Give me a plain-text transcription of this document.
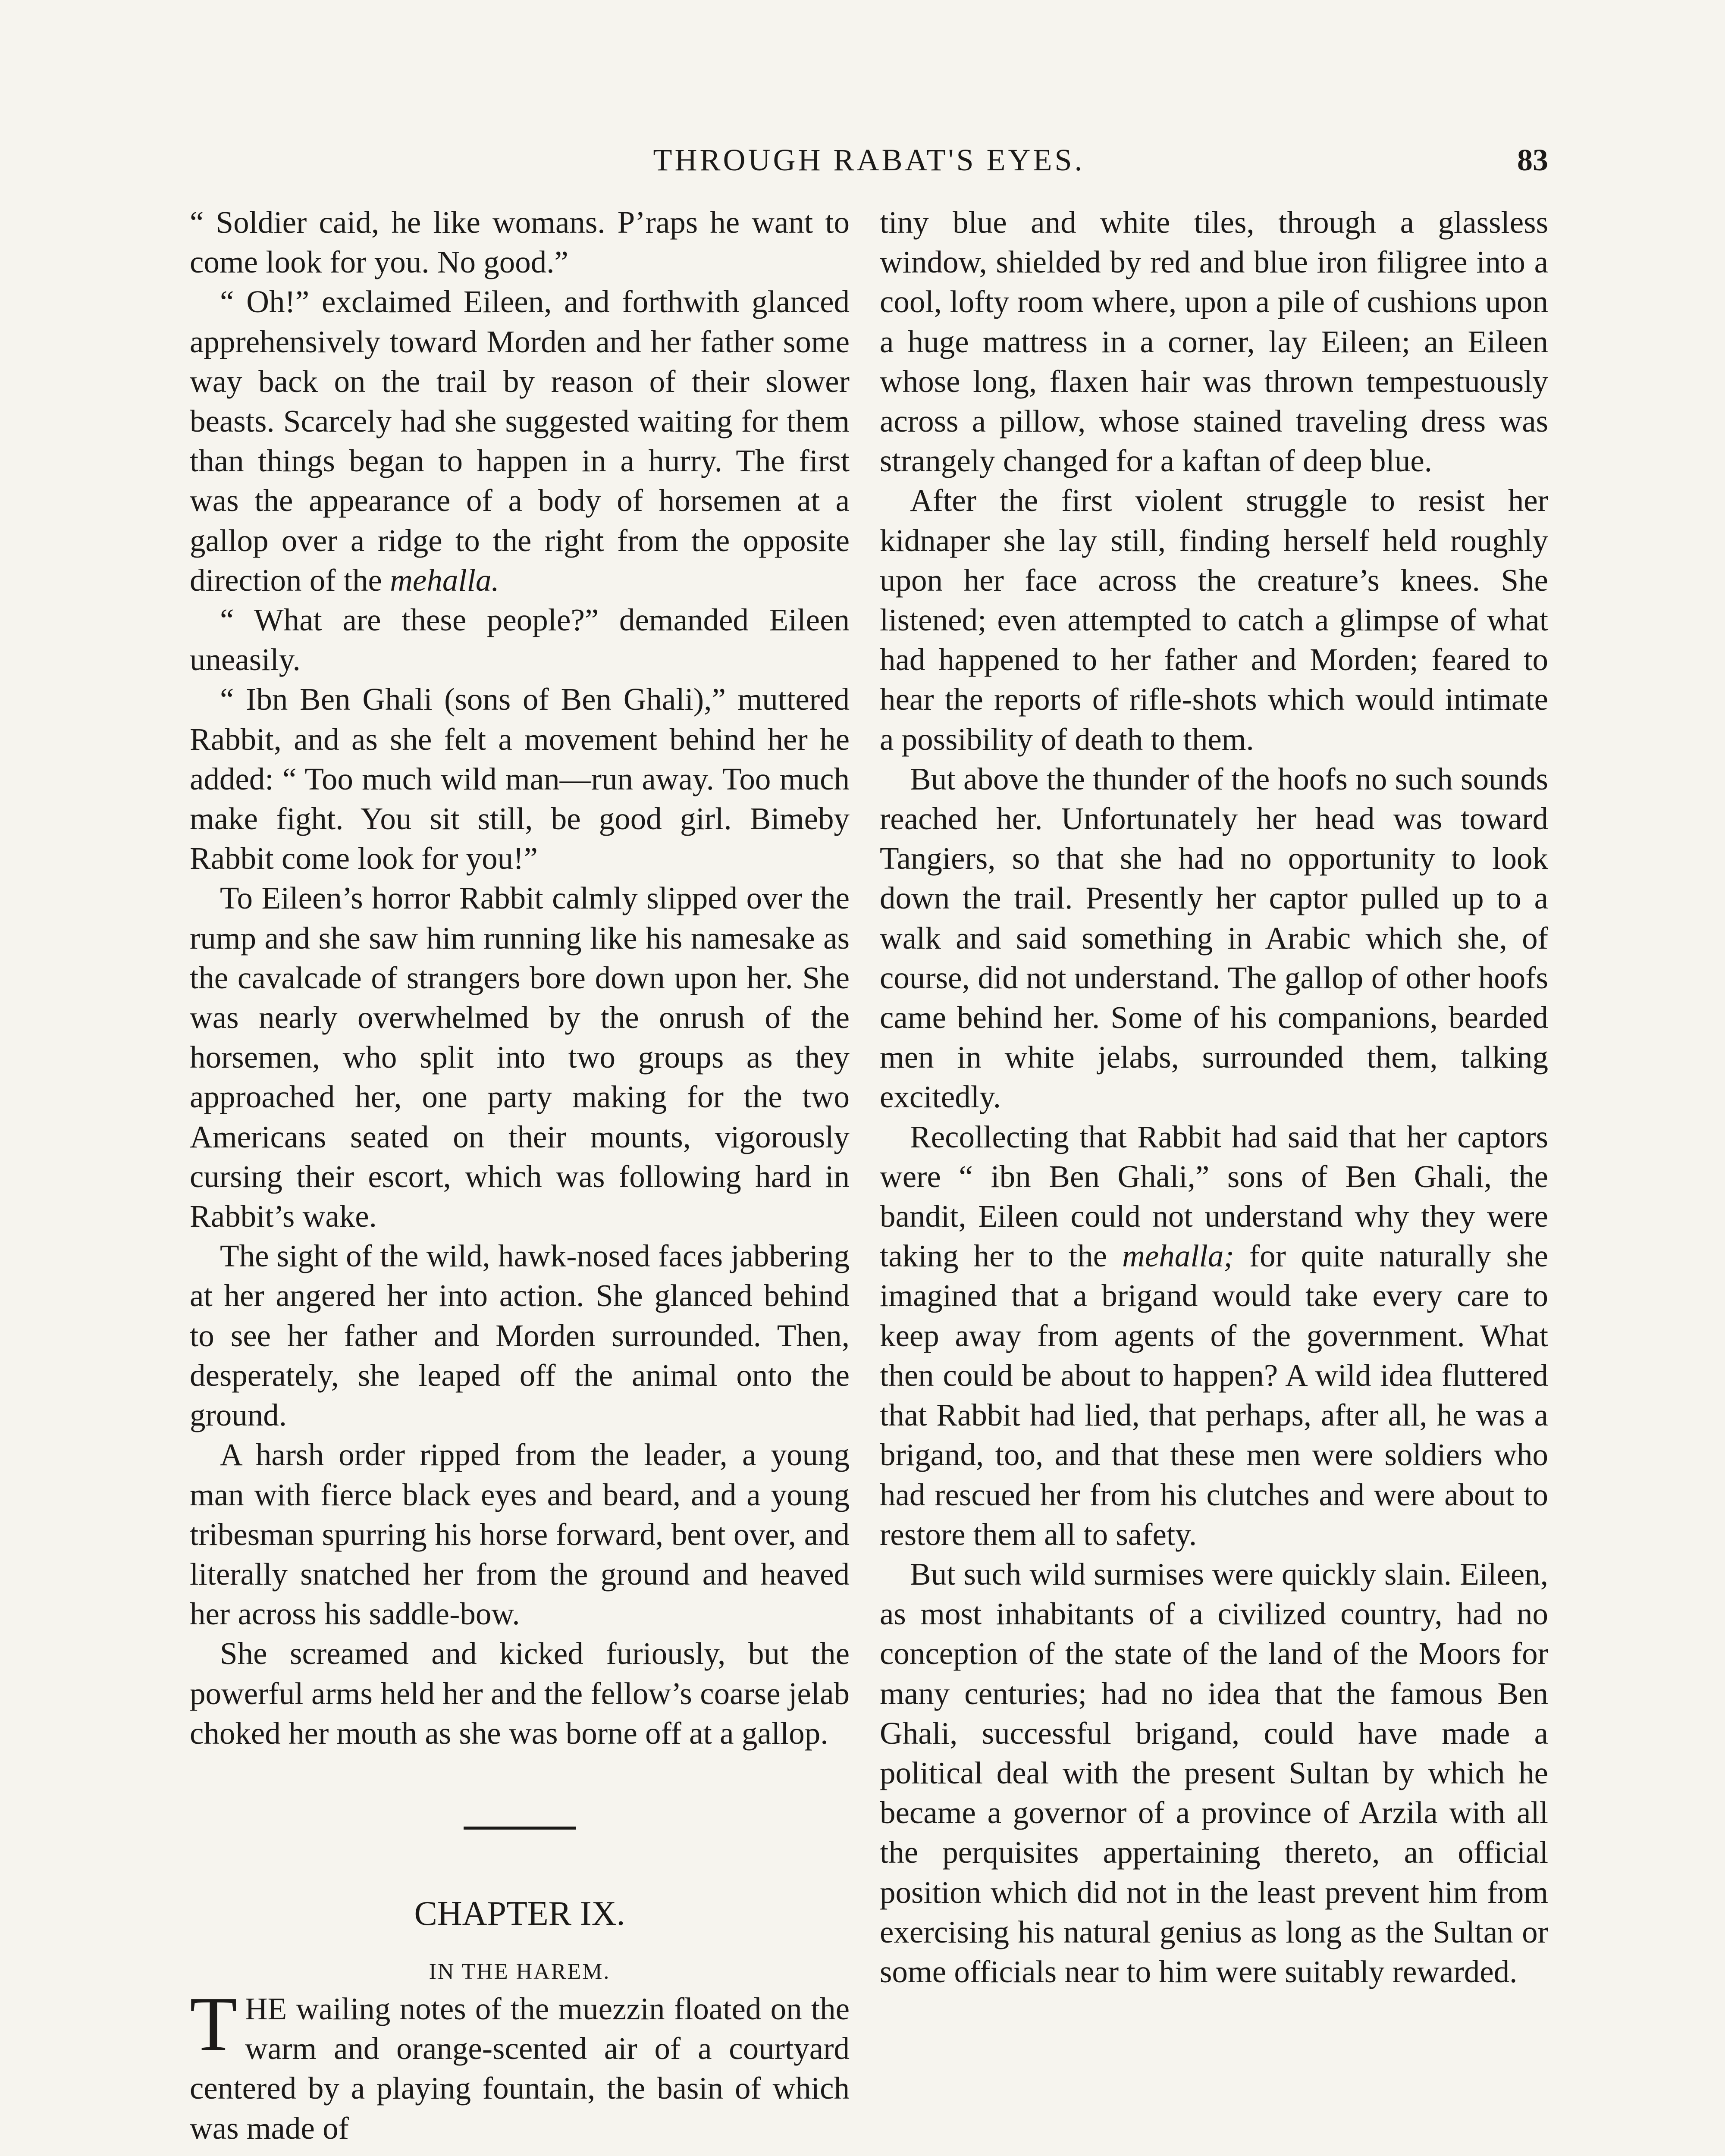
THROUGH RABAT'S EYES.	83

“ Soldier caid, he like womans. P’raps he want to come look for you. No good.”

“ Oh!” exclaimed Eileen, and forthwith glanced apprehensively toward Morden and her father some way back on the trail by reason of their slower beasts. Scarcely had she suggested waiting for them than things began to happen in a hurry. The first was the appearance of a body of horsemen at a gallop over a ridge to the right from the opposite direction of the mehalla.

“ What are these people?” demanded Eileen uneasily.

“ Ibn Ben Ghali (sons of Ben Ghali),” muttered Rabbit, and as she felt a movement behind her he added: “ Too much wild man—run away. Too much make fight. You sit still, be good girl. Bimeby Rabbit come look for you!”

To Eileen’s horror Rabbit calmly slipped over the rump and she saw him running like his namesake as the cavalcade of strangers bore down upon her. She was nearly overwhelmed by the onrush of the horsemen, who split into two groups as they approached her, one party making for the two Americans seated on their mounts, vigorously cursing their escort, which was following hard in Rabbit’s wake.

The sight of the wild, hawk-nosed faces jabbering at her angered her into action. She glanced behind to see her father and Morden surrounded. Then, desperately, she leaped off the animal onto the ground.

A harsh order ripped from the leader, a young man with fierce black eyes and beard, and a young tribesman spurring his horse forward, bent over, and literally snatched her from the ground and heaved her across his saddle-bow.

She screamed and kicked furiously, but the powerful arms held her and the fellow’s coarse jelab choked her mouth as she was borne off at a gallop.

CHAPTER IX.
IN THE HAREM.

THE wailing notes of the muezzin floated on the warm and orange-scented air of a courtyard centered by a playing fountain, the basin of which was made of

tiny blue and white tiles, through a glassless window, shielded by red and blue iron filigree into a cool, lofty room where, upon a pile of cushions upon a huge mattress in a corner, lay Eileen; an Eileen whose long, flaxen hair was thrown tempestuously across a pillow, whose stained traveling dress was strangely changed for a kaftan of deep blue.

After the first violent struggle to resist her kidnaper she lay still, finding herself held roughly upon her face across the creature’s knees. She listened; even attempted to catch a glimpse of what had happened to her father and Morden; feared to hear the reports of rifle-shots which would intimate a possibility of death to them.

But above the thunder of the hoofs no such sounds reached her. Unfortunately her head was toward Tangiers, so that she had no opportunity to look down the trail. Presently her captor pulled up to a walk and said something in Arabic which she, of course, did not understand. The gallop of other hoofs came behind her. Some of his companions, bearded men in white jelabs, surrounded them, talking excitedly.

Recollecting that Rabbit had said that her captors were “ ibn Ben Ghali,” sons of Ben Ghali, the bandit, Eileen could not understand why they were taking her to the mehalla; for quite naturally she imagined that a brigand would take every care to keep away from agents of the government. What then could be about to happen? A wild idea fluttered that Rabbit had lied, that perhaps, after all, he was a brigand, too, and that these men were soldiers who had rescued her from his clutches and were about to restore them all to safety.

But such wild surmises were quickly slain. Eileen, as most inhabitants of a civilized country, had no conception of the state of the land of the Moors for many centuries; had no idea that the famous Ben Ghali, successful brigand, could have made a political deal with the present Sultan by which he became a governor of a province of Arzila with all the perquisites appertaining thereto, an official position which did not in the least prevent him from exercising his natural genius as long as the Sultan or some officials near to him were suitably rewarded.
